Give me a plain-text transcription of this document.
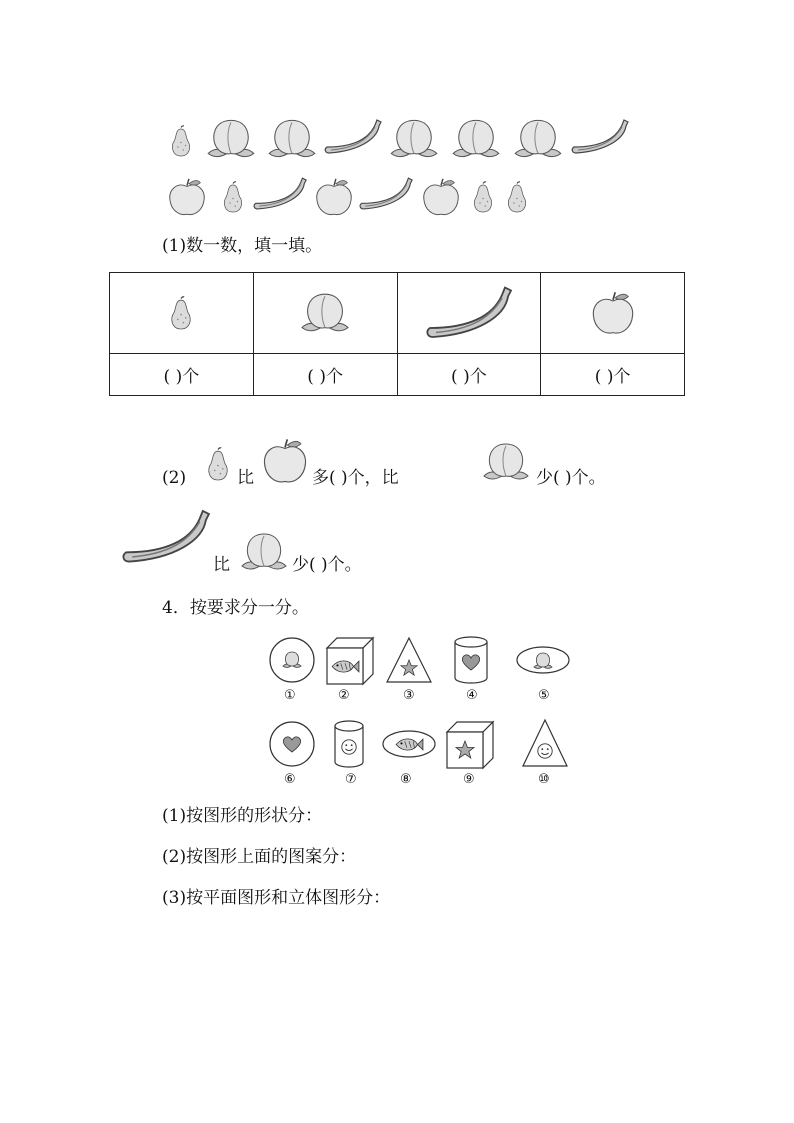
(1)数一数，填一填。

( )个	( )个	( )个	( )个
(2)	比	多( )个，比	少( )个。
比	少( )个。
4．按要求分一分。
①	②	③	④	⑤
⑥	⑦	⑧	⑨	⑩
(1)按图形的形状分：
(2)按图形上面的图案分：
(3)按平面图形和立体图形分：
